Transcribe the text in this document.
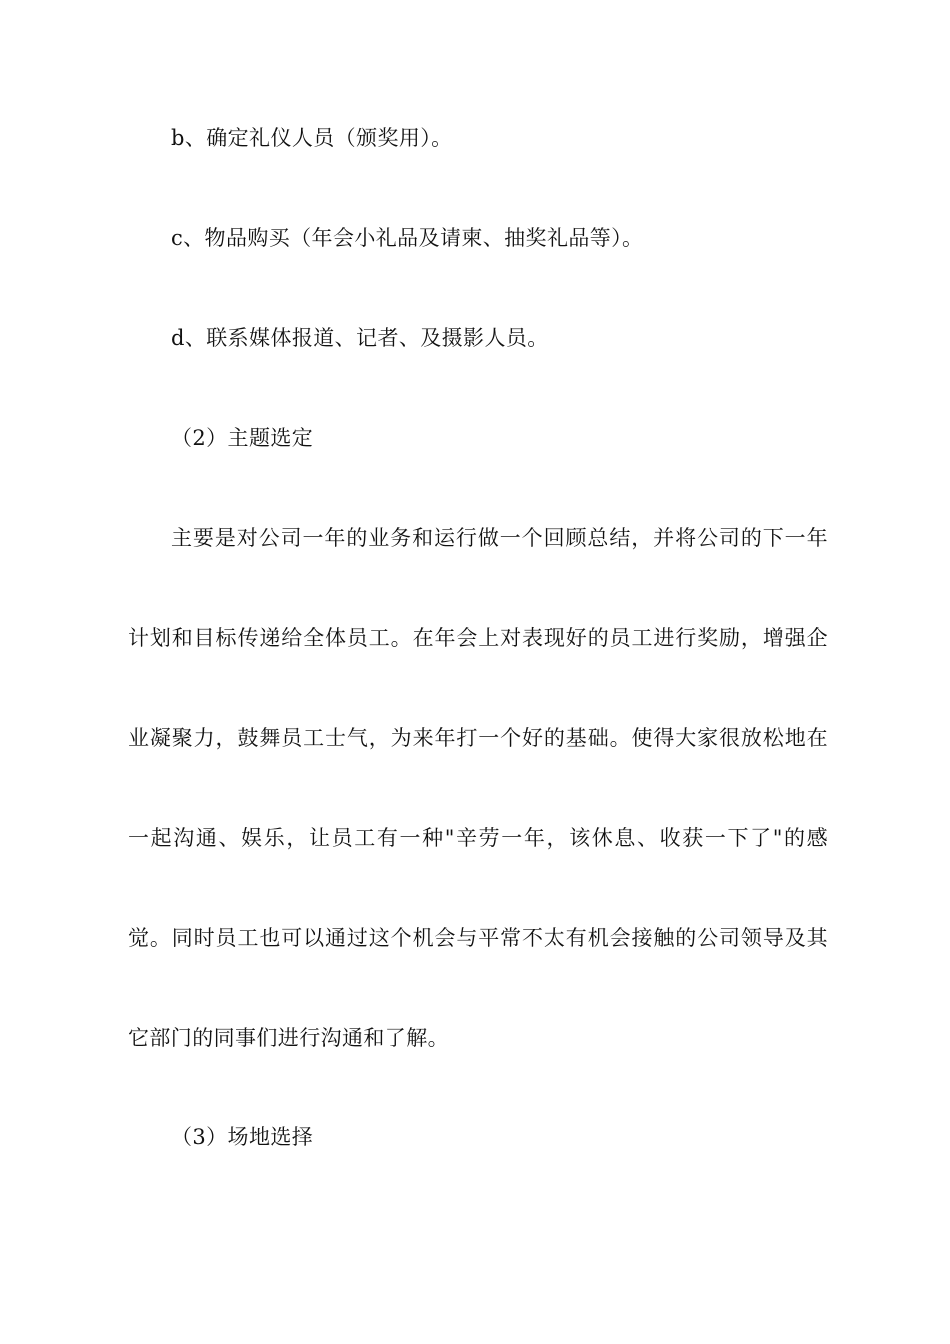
b、确定礼仪人员（颁奖用）。
c、物品购买（年会小礼品及请柬、抽奖礼品等）。
d、联系媒体报道、记者、及摄影人员。
（2）主题选定
主要是对公司一年的业务和运行做一个回顾总结，并将公司的下一年计划和目标传递给全体员工。在年会上对表现好的员工进行奖励，增强企业凝聚力，鼓舞员工士气，为来年打一个好的基础。使得大家很放松地在一起沟通、娱乐，让员工有一种"辛劳一年，该休息、收获一下了"的感觉。同时员工也可以通过这个机会与平常不太有机会接触的公司领导及其它部门的同事们进行沟通和了解。
（3）场地选择
